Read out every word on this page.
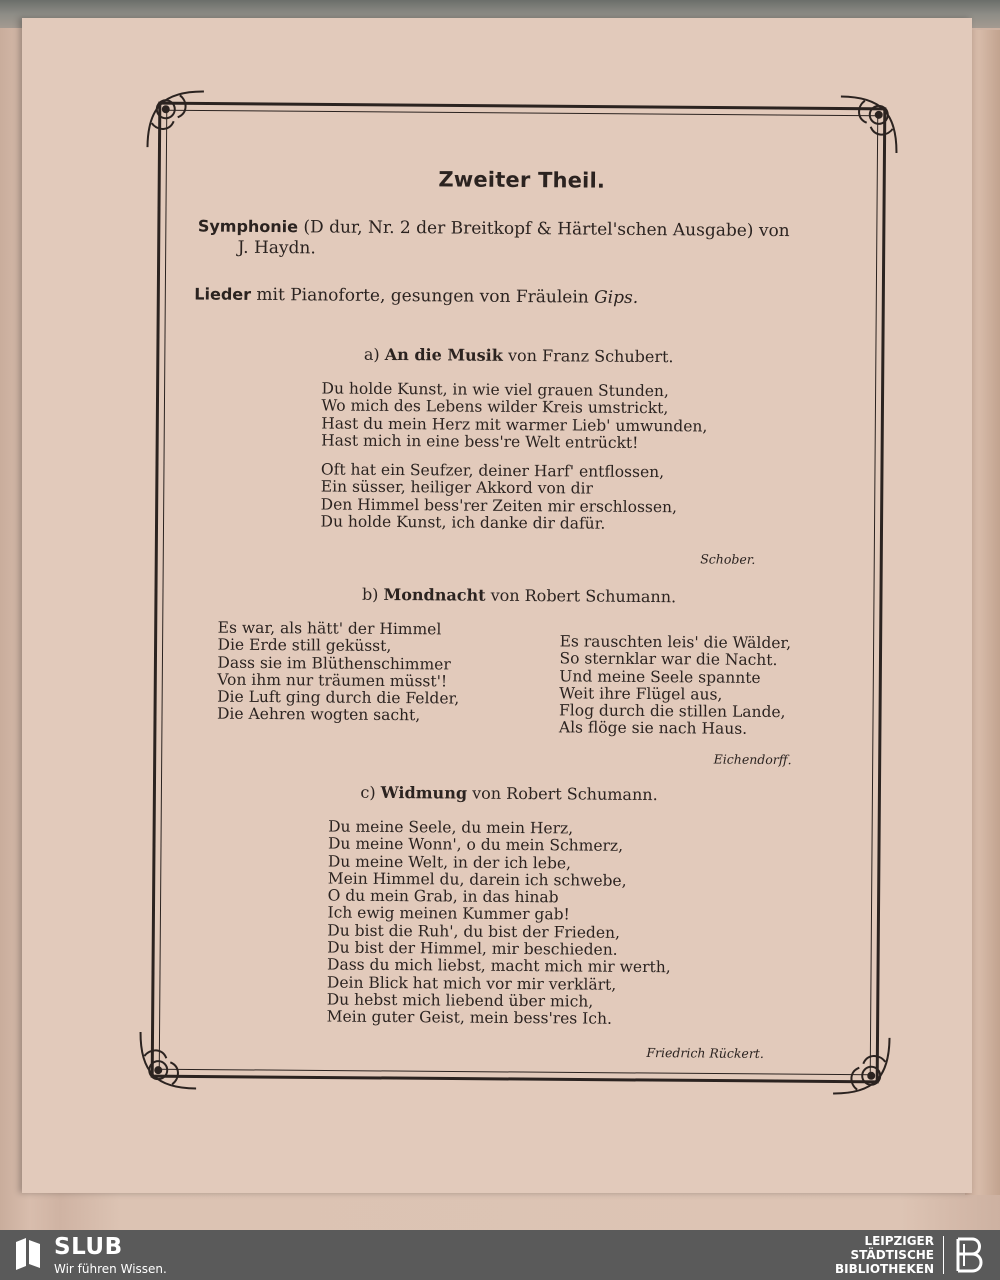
Zweiter Theil.
Symphonie (D dur, Nr. 2 der Breitkopf & Härtel'schen Ausgabe) von
J. Haydn.
Lieder mit Pianoforte, gesungen von Fräulein Gips.
a) An die Musik von Franz Schubert.
Du holde Kunst, in wie viel grauen Stunden,
Wo mich des Lebens wilder Kreis umstrickt,
Hast du mein Herz mit warmer Lieb' umwunden,
Hast mich in eine bess're Welt entrückt!
Oft hat ein Seufzer, deiner Harf' entflossen,
Ein süsser, heiliger Akkord von dir
Den Himmel bess'rer Zeiten mir erschlossen,
Du holde Kunst, ich danke dir dafür.
Schober.
b) Mondnacht von Robert Schumann.
Es war, als hätt' der Himmel
Die Erde still geküsst,
Dass sie im Blüthenschimmer
Von ihm nur träumen müsst'!
Die Luft ging durch die Felder,
Die Aehren wogten sacht,
Es rauschten leis' die Wälder,
So sternklar war die Nacht.
Und meine Seele spannte
Weit ihre Flügel aus,
Flog durch die stillen Lande,
Als flöge sie nach Haus.
Eichendorff.
c) Widmung von Robert Schumann.
Du meine Seele, du mein Herz,
Du meine Wonn', o du mein Schmerz,
Du meine Welt, in der ich lebe,
Mein Himmel du, darein ich schwebe,
O du mein Grab, in das hinab
Ich ewig meinen Kummer gab!
Du bist die Ruh', du bist der Frieden,
Du bist der Himmel, mir beschieden.
Dass du mich liebst, macht mich mir werth,
Dein Blick hat mich vor mir verklärt,
Du hebst mich liebend über mich,
Mein guter Geist, mein bess'res Ich.
Friedrich Rückert.
SLUB
Wir führen Wissen.
LEIPZIGER
STÄDTISCHE
BIBLIOTHEKEN
